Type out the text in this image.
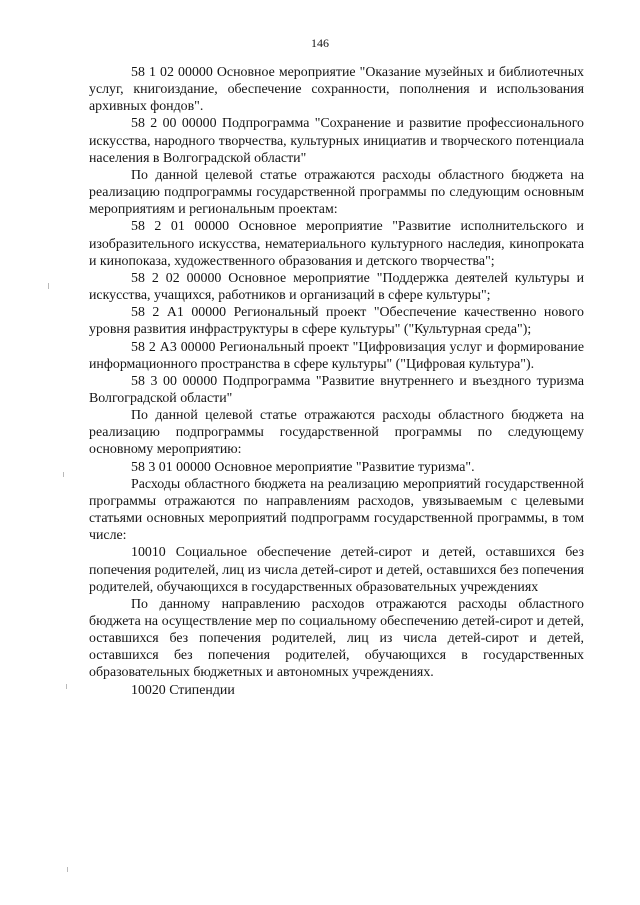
146

58 1 02 00000 Основное мероприятие "Оказание музейных и библиотечных услуг, книгоиздание, обеспечение сохранности, пополнения и использования архивных фондов".

58 2 00 00000 Подпрограмма "Сохранение и развитие профессионального искусства, народного творчества, культурных инициатив и творческого потенциала населения в Волгоградской области"

По данной целевой статье отражаются расходы областного бюджета на реализацию подпрограммы государственной программы по следующим основным мероприятиям и региональным проектам:

58 2 01 00000 Основное мероприятие "Развитие исполнительского и изобразительного искусства, нематериального культурного наследия, кинопроката и кинопоказа, художественного образования и детского творчества";

58 2 02 00000 Основное мероприятие "Поддержка деятелей культуры и искусства, учащихся, работников и организаций в сфере культуры";

58 2 А1 00000 Региональный проект "Обеспечение качественно нового уровня развития инфраструктуры в сфере культуры" ("Культурная среда");

58 2 А3 00000 Региональный проект "Цифровизация услуг и формирование информационного пространства в сфере культуры" ("Цифровая культура").

58 3 00 00000 Подпрограмма "Развитие внутреннего и въездного туризма Волгоградской области"

По данной целевой статье отражаются расходы областного бюджета на реализацию подпрограммы государственной программы по следующему основному мероприятию:

58 3 01 00000 Основное мероприятие "Развитие туризма".

Расходы областного бюджета на реализацию мероприятий государственной программы отражаются по направлениям расходов, увязываемым с целевыми статьями основных мероприятий подпрограмм государственной программы, в том числе:

10010 Социальное обеспечение детей-сирот и детей, оставшихся без попечения родителей, лиц из числа детей-сирот и детей, оставшихся без попечения родителей, обучающихся в государственных образовательных учреждениях

По данному направлению расходов отражаются расходы областного бюджета на осуществление мер по социальному обеспечению детей-сирот и детей, оставшихся без попечения родителей, лиц из числа детей-сирот и детей, оставшихся без попечения родителей, обучающихся в государственных образовательных бюджетных и автономных учреждениях.

10020 Стипендии
